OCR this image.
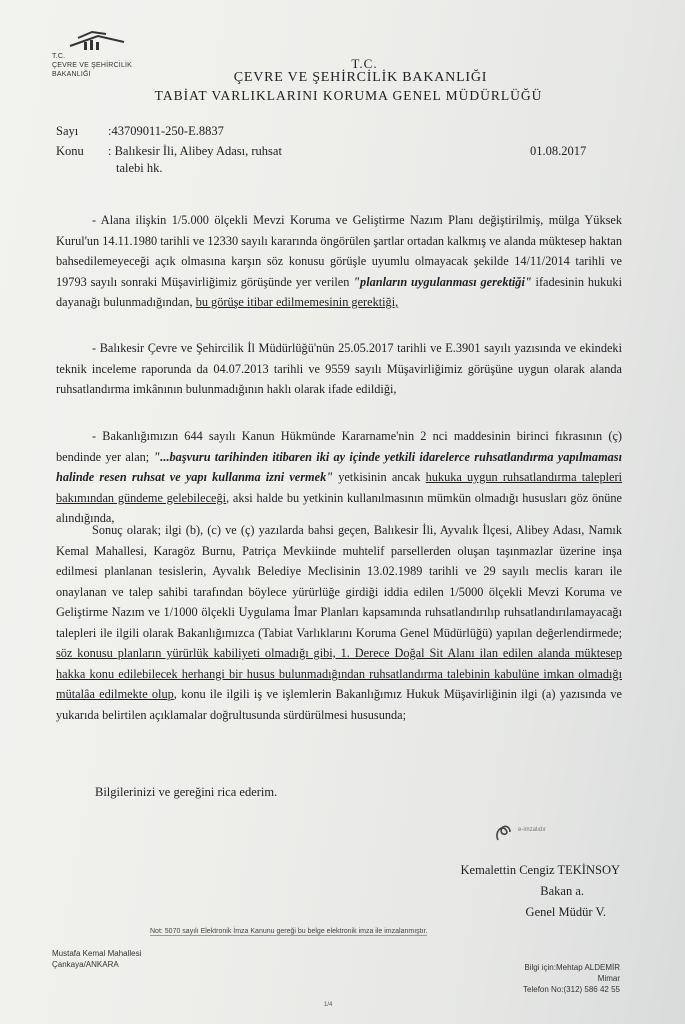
T.C.
ÇEVRE VE ŞEHİRCİLİK
BAKANLIĞI
T.C.
ÇEVRE VE ŞEHİRCİLİK BAKANLIĞI
TABİAT VARLIKLARINI KORUMA GENEL MÜDÜRLÜĞÜ
Sayı :43709011-250-E.8837
Konu : Balıkesir İli, Alibey Adası, ruhsat
talebi hk.
01.08.2017

- Alana ilişkin 1/5.000 ölçekli Mevzi Koruma ve Geliştirme Nazım Planı değiştirilmiş, mülga Yüksek Kurul'un 14.11.1980 tarihli ve 12330 sayılı kararında öngörülen şartlar ortadan kalkmış ve alanda müktesep haktan bahsedilemeyeceği açık olmasına karşın söz konusu görüşle uyumlu olmayacak şekilde 14/11/2014 tarihli ve 19793 sayılı sonraki Müşavirliğimiz görüşünde yer verilen "planların uygulanması gerektiği" ifadesinin hukuki dayanağı bulunmadığından, bu görüşe itibar edilmemesinin gerektiği,

- Balıkesir Çevre ve Şehircilik İl Müdürlüğü'nün 25.05.2017 tarihli ve E.3901 sayılı yazısında ve ekindeki teknik inceleme raporunda da 04.07.2013 tarihli ve 9559 sayılı Müşavirliğimiz görüşüne uygun olarak alanda ruhsatlandırma imkânının bulunmadığının haklı olarak ifade edildiği,

- Bakanlığımızın 644 sayılı Kanun Hükmünde Kararname'nin 2 nci maddesinin birinci fıkrasının (ç) bendinde yer alan; "...başvuru tarihinden itibaren iki ay içinde yetkili idarelerce ruhsatlandırma yapılmaması halinde resen ruhsat ve yapı kullanma izni vermek" yetkisinin ancak hukuka uygun ruhsatlandırma talepleri bakımından gündeme gelebileceği, aksi halde bu yetkinin kullanılmasının mümkün olmadığı hususları göz önüne alındığında,

Sonuç olarak; ilgi (b), (c) ve (ç) yazılarda bahsi geçen, Balıkesir İli, Ayvalık İlçesi, Alibey Adası, Namık Kemal Mahallesi, Karagöz Burnu, Patriça Mevkiinde muhtelif parsellerden oluşan taşınmazlar üzerine inşa edilmesi planlanan tesislerin, Ayvalık Belediye Meclisinin 13.02.1989 tarihli ve 29 sayılı meclis kararı ile onaylanan ve talep sahibi tarafından böylece yürürlüğe girdiği iddia edilen 1/5000 ölçekli Mevzi Koruma ve Geliştirme Nazım ve 1/1000 ölçekli Uygulama İmar Planları kapsamında ruhsatlandırılıp ruhsatlandırılamayacağı talepleri ile ilgili olarak Bakanlığımızca (Tabiat Varlıklarını Koruma Genel Müdürlüğü) yapılan değerlendirmede; söz konusu planların yürürlük kabiliyeti olmadığı gibi, 1. Derece Doğal Sit Alanı ilan edilen alanda müktesep hakka konu edilebilecek herhangi bir husus bulunmadığından ruhsatlandırma talebinin kabulüne imkan olmadığı mütalâa edilmekte olup, konu ile ilgili iş ve işlemlerin Bakanlığımız Hukuk Müşavirliğinin ilgi (a) yazısında ve yukarıda belirtilen açıklamalar doğrultusunda sürdürülmesi hususunda;

Bilgilerinizi ve gereğini rica ederim.
e-imzalıdır
Kemalettin Cengiz TEKİNSOY
Bakan a.
Genel Müdür V.
Not: 5070 sayılı Elektronik İmza Kanunu gereği bu belge elektronik imza ile imzalanmıştır.
Mustafa Kemal Mahallesi
Çankaya/ANKARA	Bilgi için:Mehtap ALDEMİR
Mimar
Telefon No:(312) 586 42 55
1/4
